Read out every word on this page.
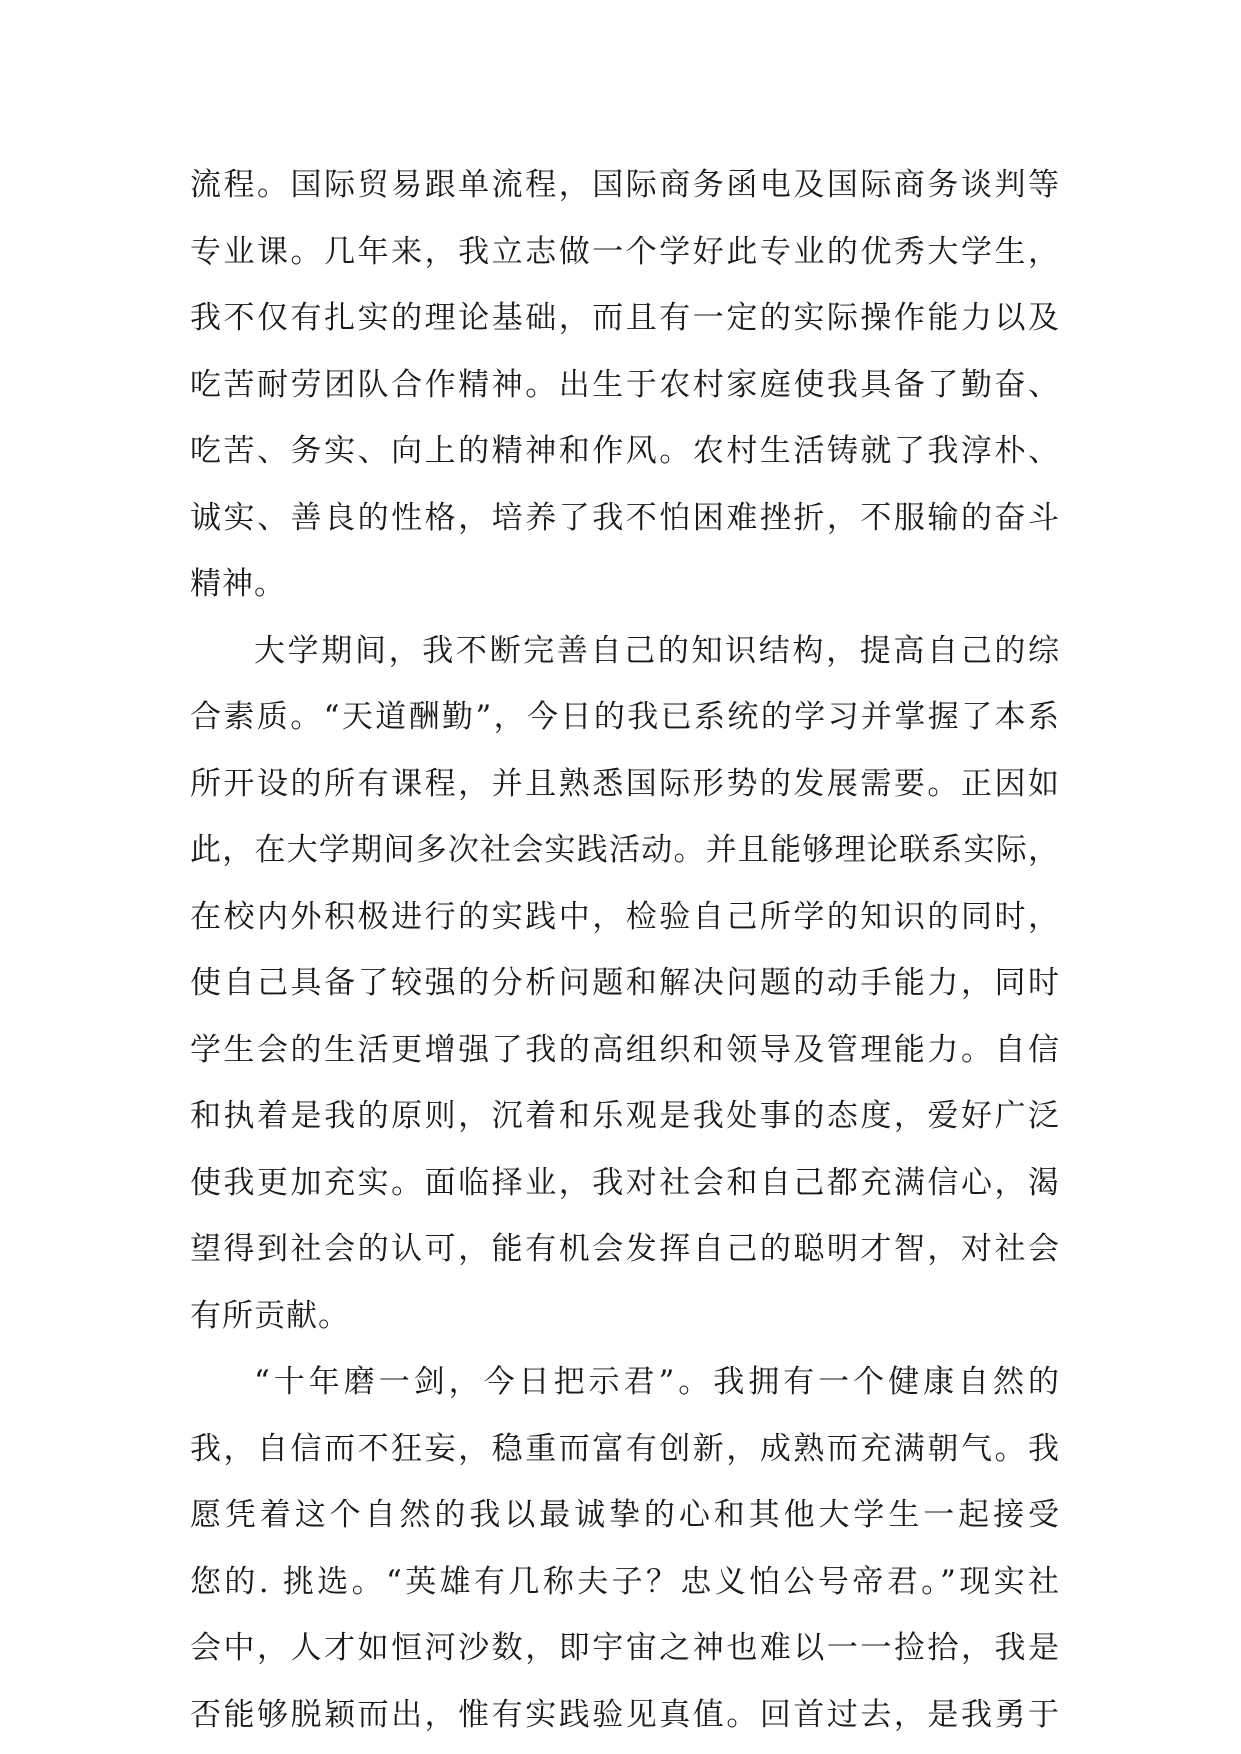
流程。国际贸易跟单流程，国际商务函电及国际商务谈判等
专业课。几年来，我立志做一个学好此专业的优秀大学生，
我不仅有扎实的理论基础，而且有一定的实际操作能力以及
吃苦耐劳团队合作精神。出生于农村家庭使我具备了勤奋、
吃苦、务实、向上的精神和作风。农村生活铸就了我淳朴、
诚实、善良的性格，培养了我不怕困难挫折，不服输的奋斗
精神。
大学期间，我不断完善自己的知识结构，提高自己的综
合素质。“天道酬勤”，今日的我已系统的学习并掌握了本系
所开设的所有课程，并且熟悉国际形势的发展需要。正因如
此，在大学期间多次社会实践活动。并且能够理论联系实际，
在校内外积极进行的实践中，检验自己所学的知识的同时，
使自己具备了较强的分析问题和解决问题的动手能力，同时
学生会的生活更增强了我的高组织和领导及管理能力。自信
和执着是我的原则，沉着和乐观是我处事的态度，爱好广泛
使我更加充实。面临择业，我对社会和自己都充满信心，渴
望得到社会的认可，能有机会发挥自己的聪明才智，对社会
有所贡献。
“十年磨一剑，今日把示君”。我拥有一个健康自然的
我，自信而不狂妄，稳重而富有创新，成熟而充满朝气。我
愿凭着这个自然的我以最诚挚的心和其他大学生一起接受
您的. 挑选。“英雄有几称夫子？忠义怕公号帝君。”现实社
会中，人才如恒河沙数，即宇宙之神也难以一一捡拾，我是
否能够脱颖而出，惟有实践验见真值。回首过去，是我勇于
